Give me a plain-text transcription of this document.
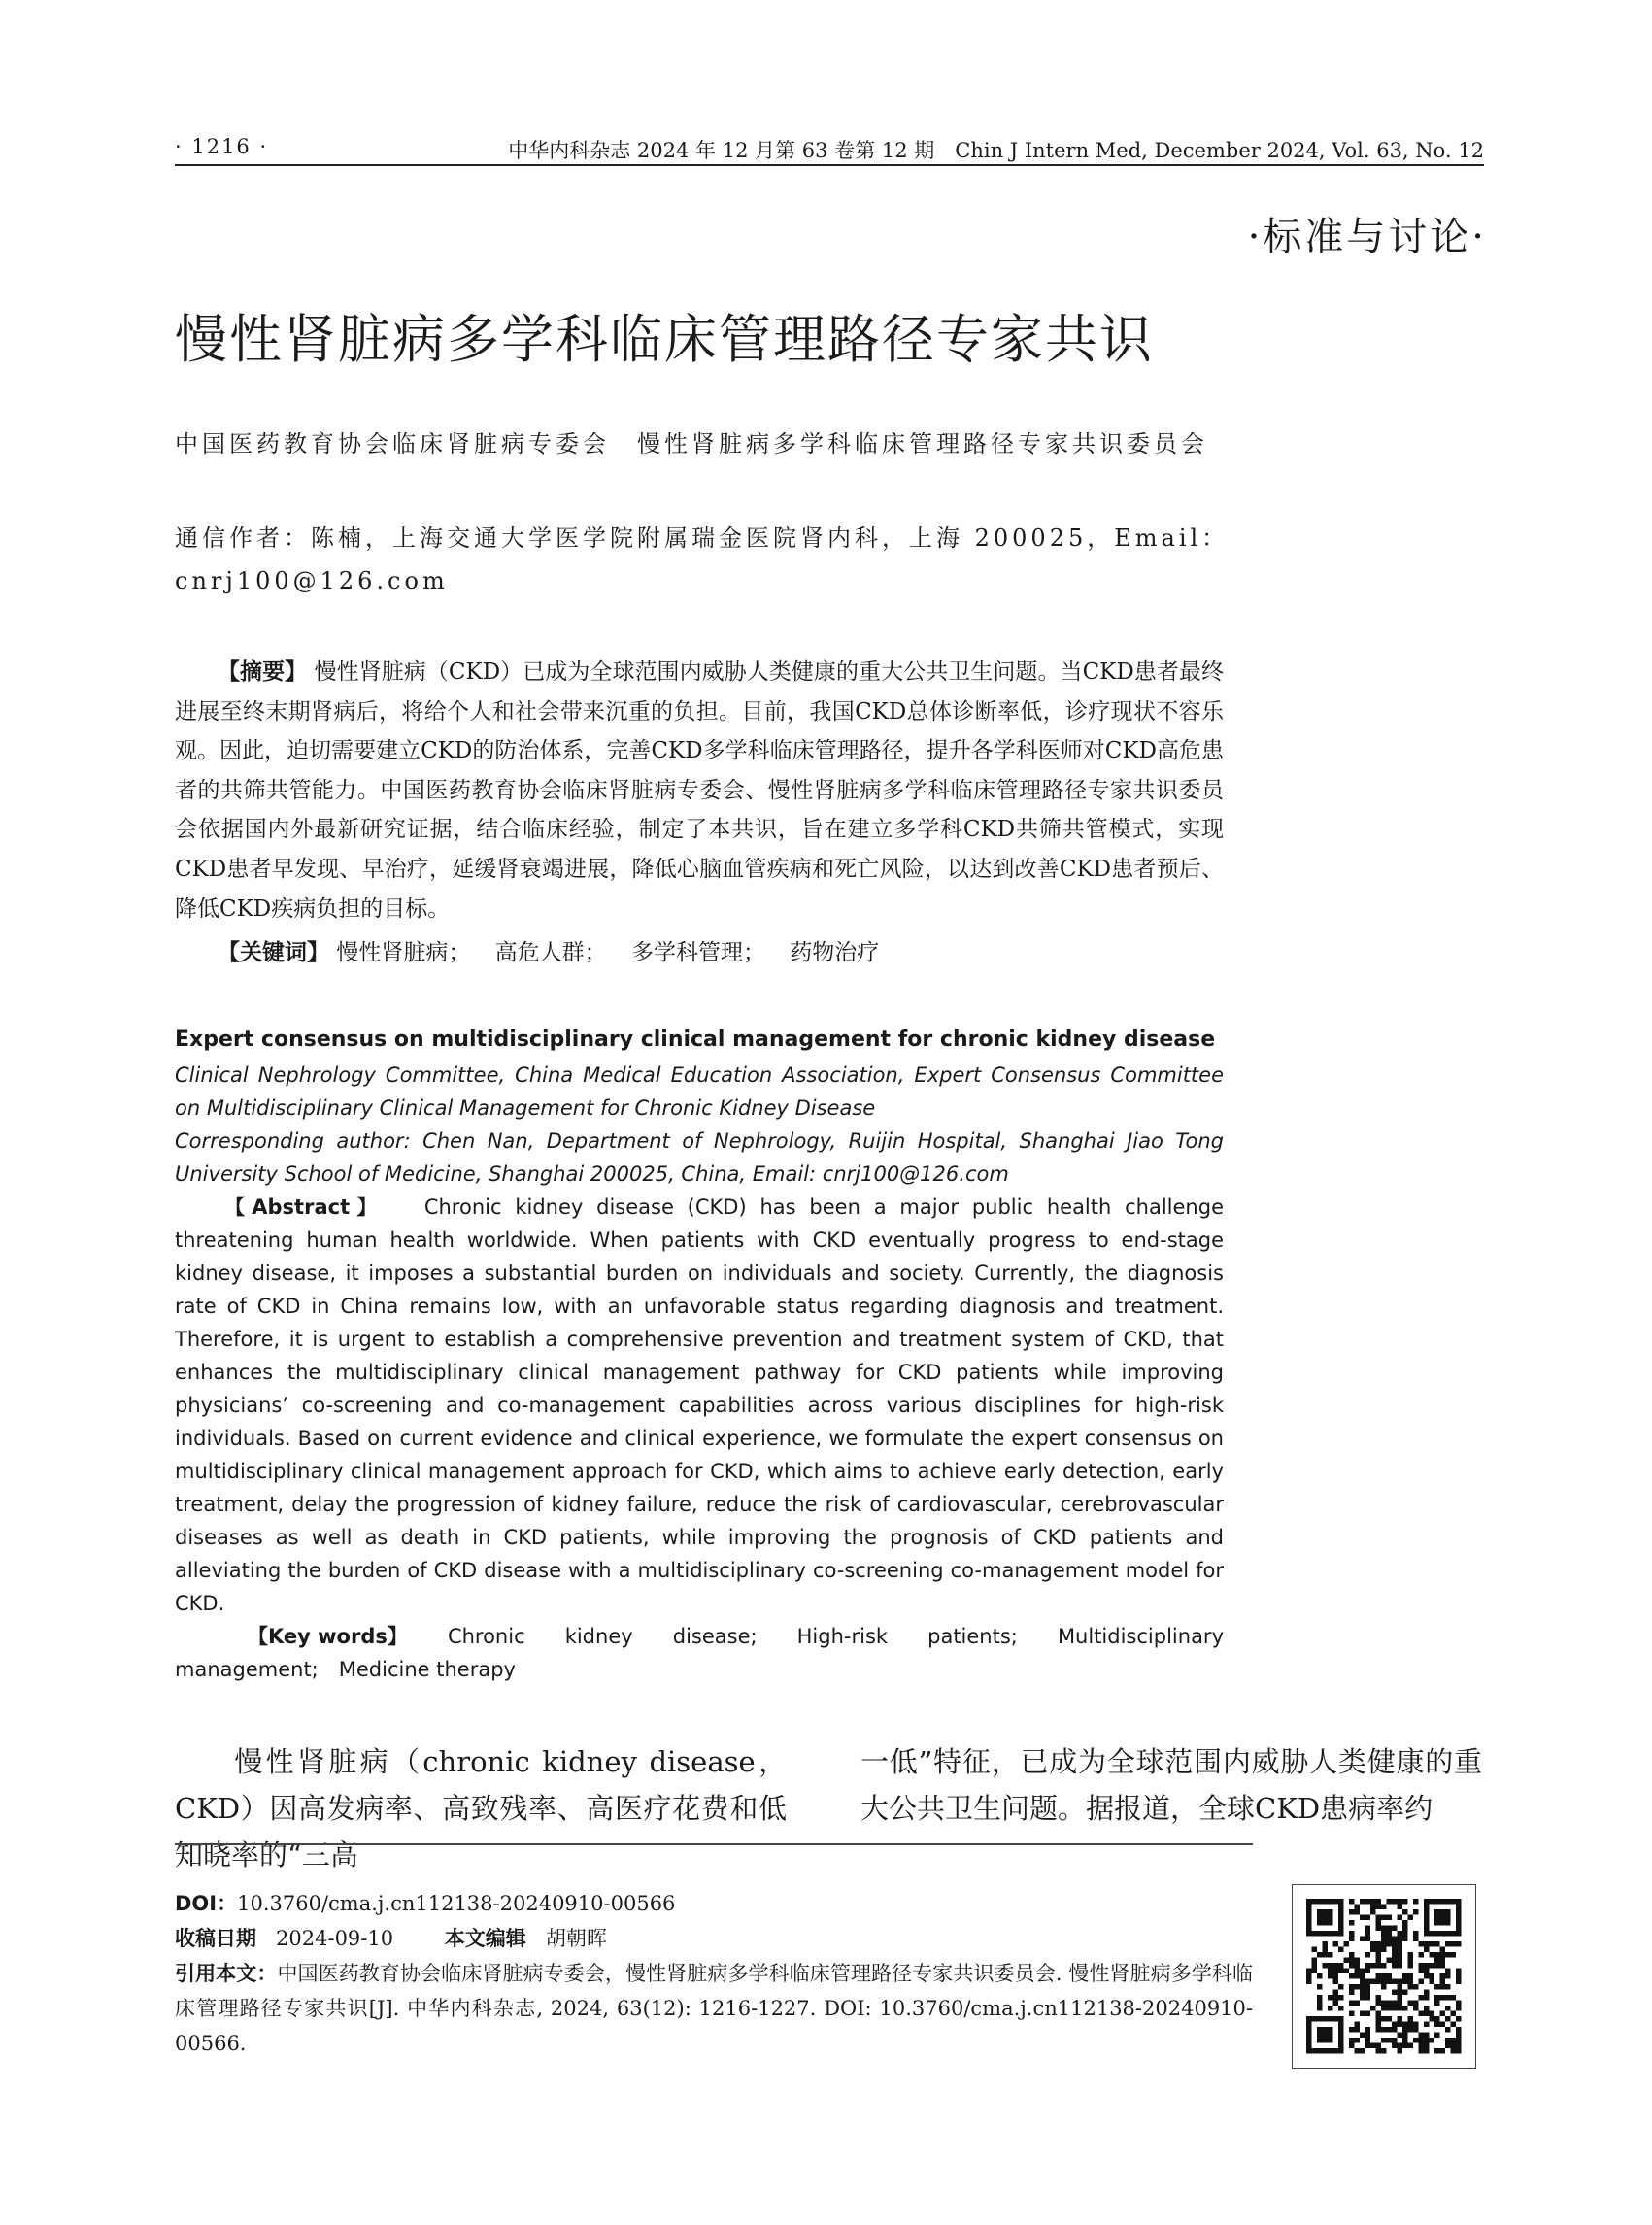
· 1216 ·	中华内科杂志 2024 年 12 月第 63 卷第 12 期　Chin J Intern Med, December 2024, Vol. 63, No. 12
·标准与讨论·
慢性肾脏病多学科临床管理路径专家共识
中国医药教育协会临床肾脏病专委会　慢性肾脏病多学科临床管理路径专家共识委员会
通信作者：陈楠，上海交通大学医学院附属瑞金医院肾内科，上海 200025，Email：cnrj100@126.com

【摘要】 慢性肾脏病（CKD）已成为全球范围内威胁人类健康的重大公共卫生问题。当CKD患者最终进展至终末期肾病后，将给个人和社会带来沉重的负担。目前，我国CKD总体诊断率低，诊疗现状不容乐观。因此，迫切需要建立CKD的防治体系，完善CKD多学科临床管理路径，提升各学科医师对CKD高危患者的共筛共管能力。中国医药教育协会临床肾脏病专委会、慢性肾脏病多学科临床管理路径专家共识委员会依据国内外最新研究证据，结合临床经验，制定了本共识，旨在建立多学科CKD共筛共管模式，实现CKD患者早发现、早治疗，延缓肾衰竭进展，降低心脑血管疾病和死亡风险，以达到改善CKD患者预后、降低CKD疾病负担的目标。

【关键词】 慢性肾脏病； 高危人群； 多学科管理； 药物治疗
Expert consensus on multidisciplinary clinical management for chronic kidney disease
Clinical Nephrology Committee, China Medical Education Association, Expert Consensus Committee on Multidisciplinary Clinical Management for Chronic Kidney Disease
Corresponding author: Chen Nan, Department of Nephrology, Ruijin Hospital, Shanghai Jiao Tong University School of Medicine, Shanghai 200025, China, Email: cnrj100@126.com
【Abstract】 Chronic kidney disease (CKD) has been a major public health challenge threatening human health worldwide. When patients with CKD eventually progress to end-stage kidney disease, it imposes a substantial burden on individuals and society. Currently, the diagnosis rate of CKD in China remains low, with an unfavorable status regarding diagnosis and treatment. Therefore, it is urgent to establish a comprehensive prevention and treatment system of CKD, that enhances the multidisciplinary clinical management pathway for CKD patients while improving physicians’ co-screening and co-management capabilities across various disciplines for high-risk individuals. Based on current evidence and clinical experience, we formulate the expert consensus on multidisciplinary clinical management approach for CKD, which aims to achieve early detection, early treatment, delay the progression of kidney failure, reduce the risk of cardiovascular, cerebrovascular diseases as well as death in CKD patients, while improving the prognosis of CKD patients and alleviating the burden of CKD disease with a multidisciplinary co-screening co-management model for CKD.
【Key words】 Chronic kidney disease; High-risk patients; Multidisciplinary

management;　Medicine therapy

慢性肾脏病（chronic kidney disease，CKD）因高发病率、高致残率、高医疗花费和低知晓率的“三高
一低”特征，已成为全球范围内威胁人类健康的重大公共卫生问题。据报道，全球CKD患病率约
DOI：10.3760/cma.j.cn112138-20240910-00566
收稿日期 2024-09-10	本文编辑 胡朝晖
引用本文：中国医药教育协会临床肾脏病专委会，慢性肾脏病多学科临床管理路径专家共识委员会. 慢性肾脏病多学科临床管理路径专家共识[J]. 中华内科杂志, 2024, 63(12): 1216-1227. DOI: 10.3760/cma.j.cn112138-20240910-00566.
